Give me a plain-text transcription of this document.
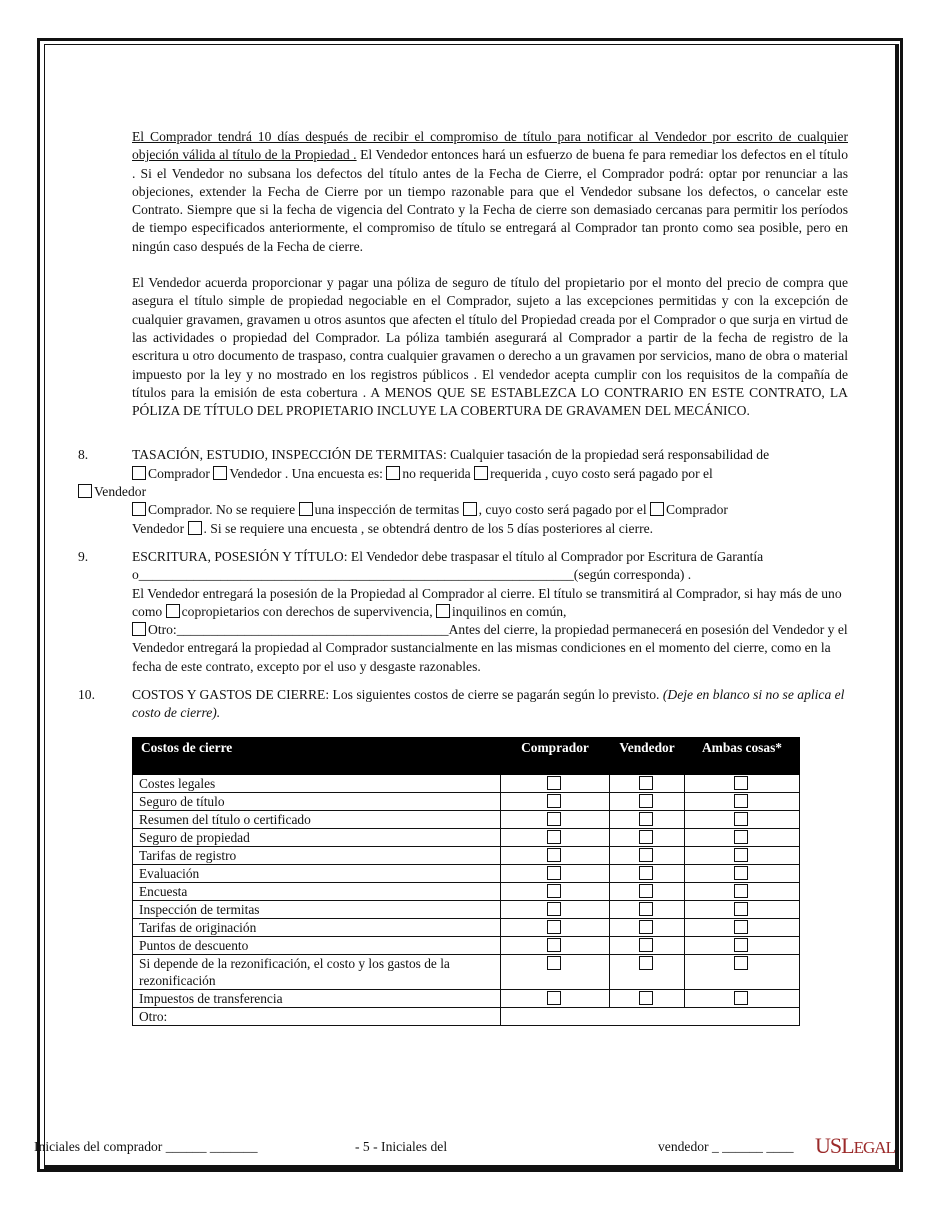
El Comprador tendrá 10 días después de recibir el compromiso de título para notificar al Vendedor por escrito de cualquier objeción válida al título de la Propiedad . El Vendedor entonces hará un esfuerzo de buena fe para remediar los defectos en el título . Si el Vendedor no subsana los defectos del título antes de la Fecha de Cierre, el Comprador podrá: optar por renunciar a las objeciones, extender la Fecha de Cierre por un tiempo razonable para que el Vendedor subsane los defectos, o cancelar este Contrato. Siempre que si la fecha de vigencia del Contrato y la Fecha de cierre son demasiado cercanas para permitir los períodos de tiempo especificados anteriormente, el compromiso de título se entregará al Comprador tan pronto como sea posible, pero en ningún caso después de la Fecha de cierre.
El Vendedor acuerda proporcionar y pagar una póliza de seguro de título del propietario por el monto del precio de compra que asegura el título simple de propiedad negociable en el Comprador, sujeto a las excepciones permitidas y con la excepción de cualquier gravamen, gravamen u otros asuntos que afecten el título del Propiedad creada por el Comprador o que surja en virtud de las actividades o propiedad del Comprador. La póliza también asegurará al Comprador a partir de la fecha de registro de la escritura u otro documento de traspaso, contra cualquier gravamen o derecho a un gravamen por servicios, mano de obra o material impuesto por la ley y no mostrado en los registros públicos . El vendedor acepta cumplir con los requisitos de la compañía de títulos para la emisión de esta cobertura . A MENOS QUE SE ESTABLEZCA LO CONTRARIO EN ESTE CONTRATO, LA PÓLIZA DE TÍTULO DEL PROPIETARIO INCLUYE LA COBERTURA DE GRAVAMEN DEL MECÁNICO.
8.	TASACIÓN, ESTUDIO, INSPECCIÓN DE TERMITAS: Cualquier tasación de la propiedad será responsabilidad de
Comprador Vendedor . Una encuesta es: no requerida requerida , cuyo costo será pagado por el
Vendedor
Comprador. No se requiere una inspección de termitas , cuyo costo será pagado por el Comprador
Vendedor . Si se requiere una encuesta , se obtendrá dentro de los 5 días posteriores al cierre.
9.	ESCRITURA, POSESIÓN Y TÍTULO: El Vendedor debe traspasar el título al Comprador por Escritura de Garantía
o________________________________________________________________(según corresponda) .
El Vendedor entregará la posesión de la Propiedad al Comprador al cierre. El título se transmitirá al Comprador, si hay más de uno como copropietarios con derechos de supervivencia, inquilinos en común,
Otro:________________________________________Antes del cierre, la propiedad permanecerá en posesión del Vendedor y el Vendedor entregará la propiedad al Comprador sustancialmente en las mismas condiciones en el momento del cierre, como en la fecha de este contrato, excepto por el uso y desgaste razonables.
10.	COSTOS Y GASTOS DE CIERRE: Los siguientes costos de cierre se pagarán según lo previsto. (Deje en blanco si no se aplica el costo de cierre).
Costos de cierre	Comprador	Vendedor	Ambas cosas*
Costes legales			
Seguro de título			
Resumen del título o certificado			
Seguro de propiedad			
Tarifas de registro			
Evaluación			
Encuesta			
Inspección de termitas			
Tarifas de originación			
Puntos de descuento			
Si depende de la rezonificación, el costo y los gastos de la rezonificación			
Impuestos de transferencia			
Otro:			
Iniciales del comprador ______ _______	- 5 - Iniciales del	vendedor _ ______ ____ USLEGAL
